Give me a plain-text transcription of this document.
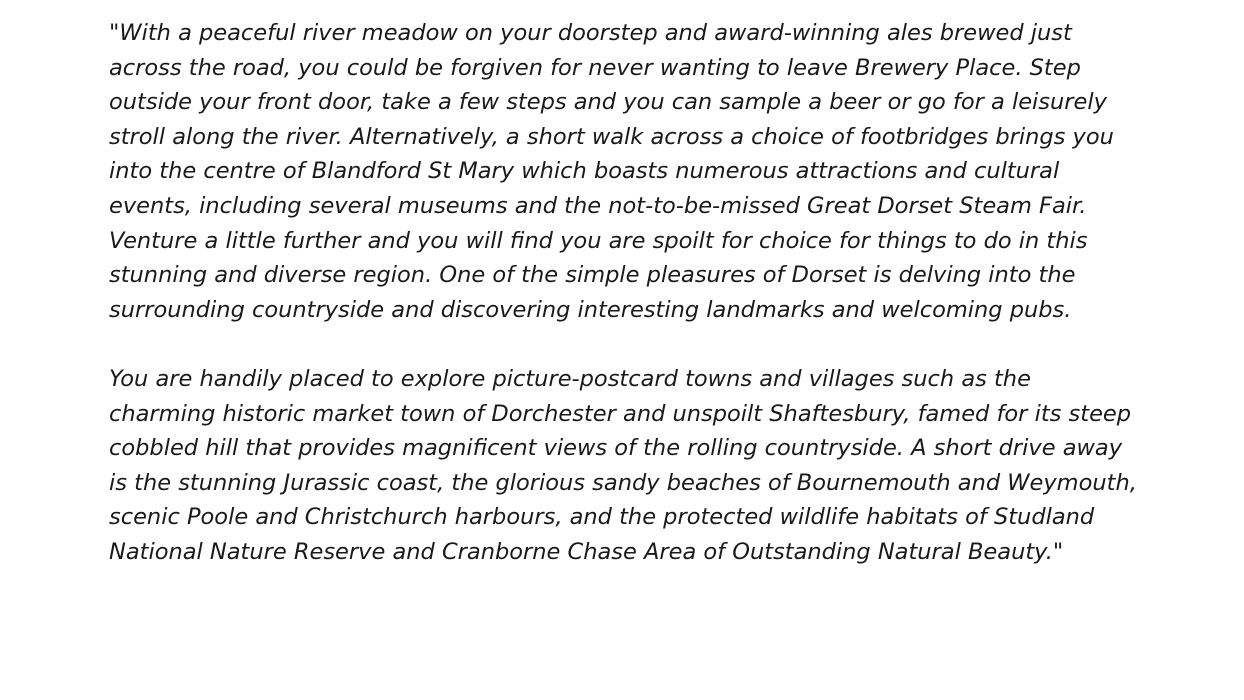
"With a peaceful river meadow on your doorstep and award-winning ales brewed just across the road, you could be forgiven for never wanting to leave Brewery Place. Step outside your front door, take a few steps and you can sample a beer or go for a leisurely stroll along the river. Alternatively, a short walk across a choice of footbridges brings you into the centre of Blandford St Mary which boasts numerous attractions and cultural events, including several museums and the not-to-be-missed Great Dorset Steam Fair. Venture a little further and you will find you are spoilt for choice for things to do in this stunning and diverse region. One of the simple pleasures of Dorset is delving into the surrounding countryside and discovering interesting landmarks and welcoming pubs.

You are handily placed to explore picture-postcard towns and villages such as the charming historic market town of Dorchester and unspoilt Shaftesbury, famed for its steep cobbled hill that provides magnificent views of the rolling countryside. A short drive away is the stunning Jurassic coast, the glorious sandy beaches of Bournemouth and Weymouth, scenic Poole and Christchurch harbours, and the protected wildlife habitats of Studland National Nature Reserve and Cranborne Chase Area of Outstanding Natural Beauty."
